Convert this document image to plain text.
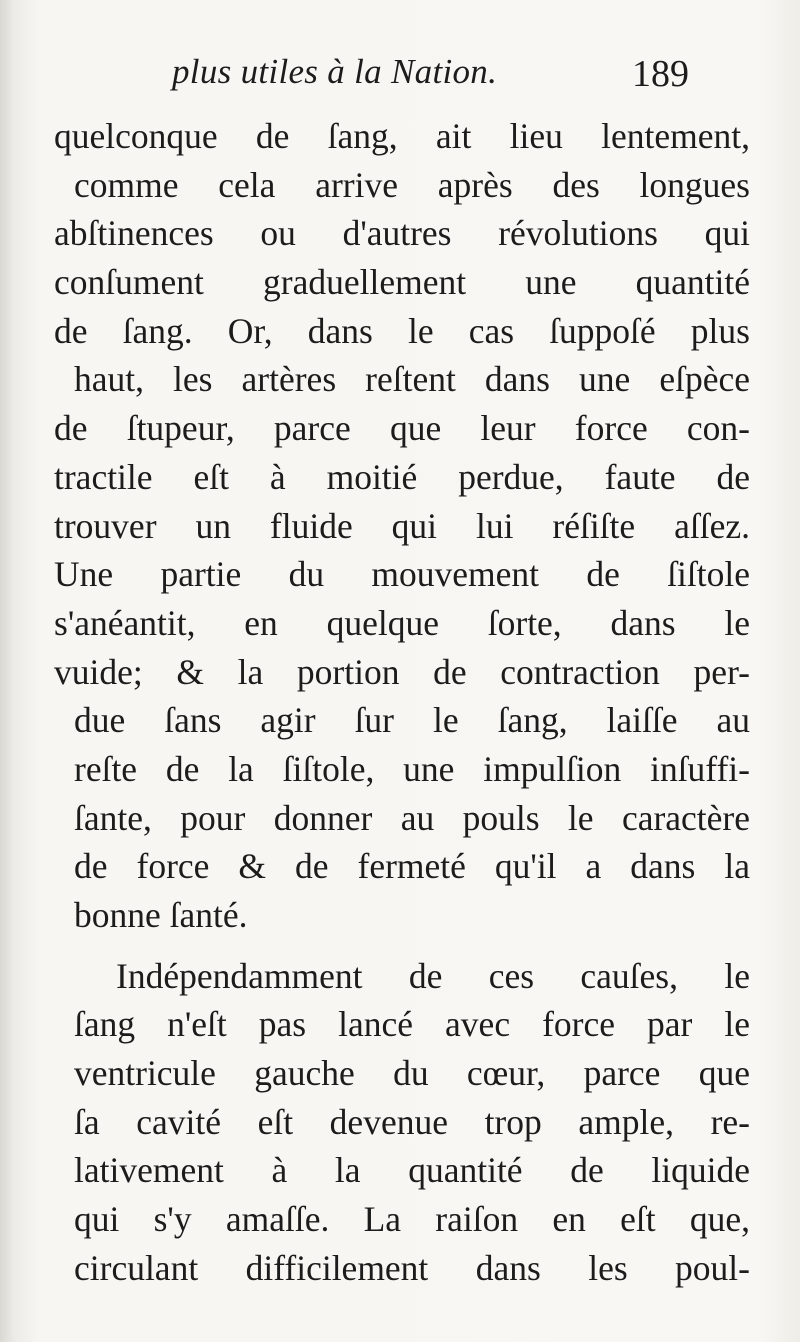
plus utiles à la Nation.	189
quelconque de ſang, ait lieu lentement,
comme cela arrive après des longues
abſtinences ou d'autres révolutions qui
conſument graduellement une quantité
de ſang. Or, dans le cas ſuppoſé plus
haut, les artères reſtent dans une eſpèce
de ſtupeur, parce que leur force con-
tractile eſt à moitié perdue, faute de
trouver un fluide qui lui réſiſte aſſez.
Une partie du mouvement de ſiſtole
s'anéantit, en quelque ſorte, dans le
vuide; & la portion de contraction per-
due ſans agir ſur le ſang, laiſſe au
reſte de la ſiſtole, une impulſion inſuffi-
ſante, pour donner au pouls le caractère
de force & de fermeté qu'il a dans la
bonne ſanté.
Indépendamment de ces cauſes, le
ſang n'eſt pas lancé avec force par le
ventricule gauche du cœur, parce que
ſa cavité eſt devenue trop ample, re-
lativement à la quantité de liquide
qui s'y amaſſe. La raiſon en eſt que,
circulant difficilement dans les poul-
